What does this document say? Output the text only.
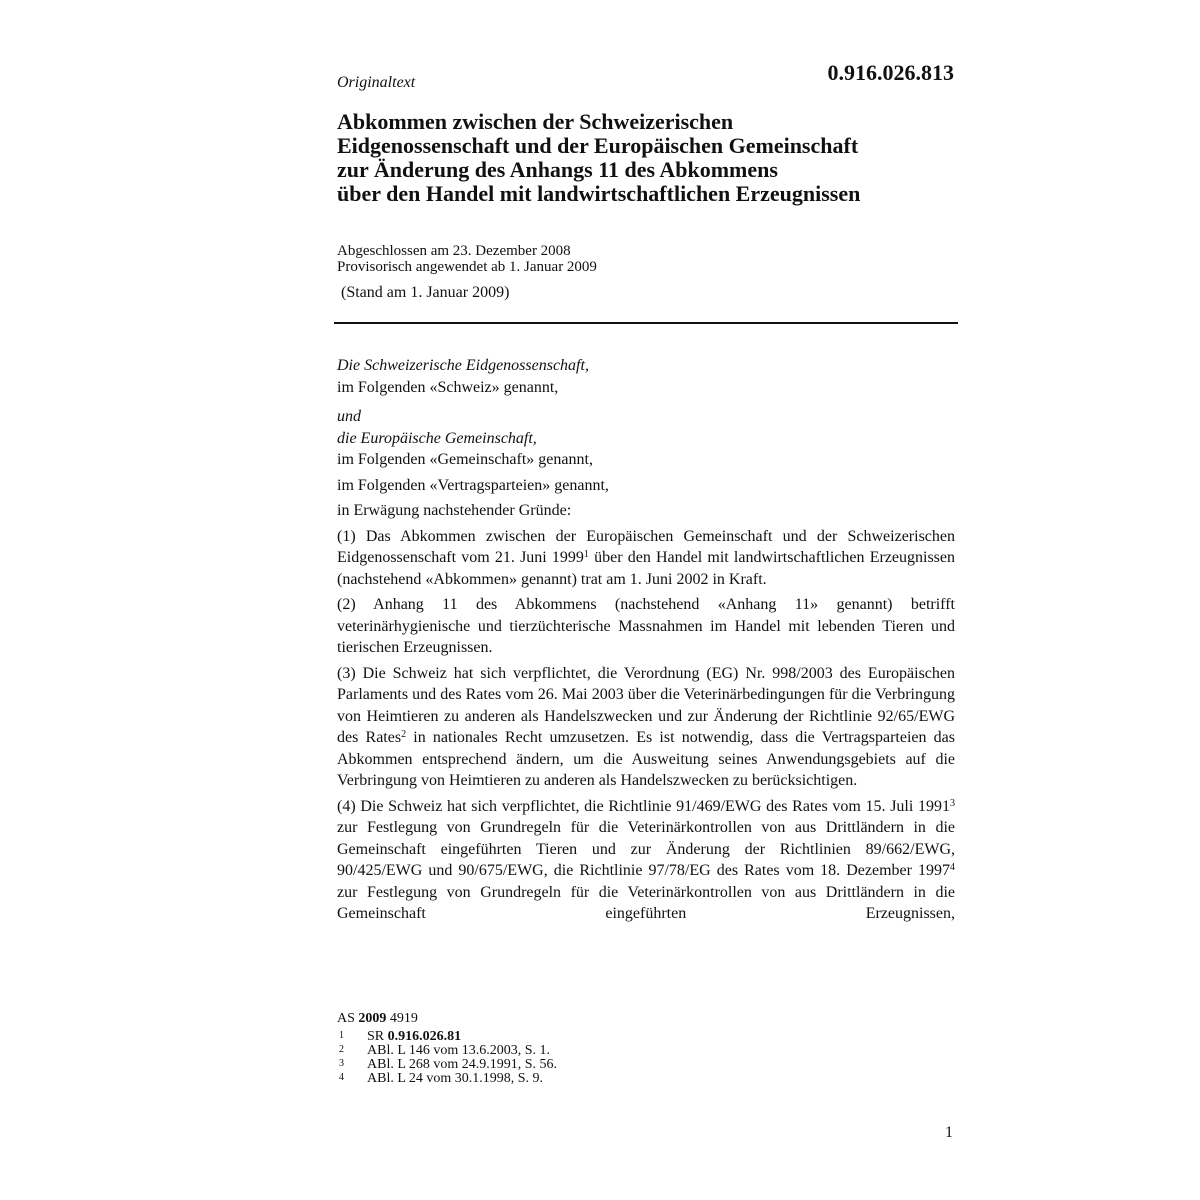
Originaltext	0.916.026.813
Abkommen zwischen der Schweizerischen
Eidgenossenschaft und der Europäischen Gemeinschaft
zur Änderung des Anhangs 11 des Abkommens
über den Handel mit landwirtschaftlichen Erzeugnissen
Abgeschlossen am 23. Dezember 2008
Provisorisch angewendet ab 1. Januar 2009
(Stand am 1. Januar 2009)

Die Schweizerische Eidgenossenschaft,
im Folgenden «Schweiz» genannt,

und
die Europäische Gemeinschaft,
im Folgenden «Gemeinschaft» genannt,

im Folgenden «Vertragsparteien» genannt,

in Erwägung nachstehender Gründe:

(1) Das Abkommen zwischen der Europäischen Gemeinschaft und der Schweizerischen Eidgenossenschaft vom 21. Juni 1999$^1$ über den Handel mit landwirtschaftlichen Erzeugnissen (nachstehend «Abkommen» genannt) trat am 1. Juni 2002 in Kraft.

(2) Anhang 11 des Abkommens (nachstehend «Anhang 11» genannt) betrifft veterinärhygienische und tierzüchterische Massnahmen im Handel mit lebenden Tieren und tierischen Erzeugnissen.

(3) Die Schweiz hat sich verpflichtet, die Verordnung (EG) Nr. 998/2003 des Europäischen Parlaments und des Rates vom 26. Mai 2003 über die Veterinärbedingungen für die Verbringung von Heimtieren zu anderen als Handelszwecken und zur Änderung der Richtlinie 92/65/EWG des Rates$^2$ in nationales Recht umzusetzen. Es ist notwendig, dass die Vertragsparteien das Abkommen entsprechend ändern, um die Ausweitung seines Anwendungsgebiets auf die Verbringung von Heimtieren zu anderen als Handelszwecken zu berücksichtigen.

(4) Die Schweiz hat sich verpflichtet, die Richtlinie 91/469/EWG des Rates vom 15. Juli 1991$^3$ zur Festlegung von Grundregeln für die Veterinärkontrollen von aus Drittländern in die Gemeinschaft eingeführten Tieren und zur Änderung der Richtlinien 89/662/EWG, 90/425/EWG und 90/675/EWG, die Richtlinie 97/78/EG des Rates vom 18. Dezember 1997$^4$ zur Festlegung von Grundregeln für die Veterinärkontrollen von aus Drittländern in die Gemeinschaft eingeführten Erzeugnissen,

AS 2009 4919
1	SR 0.916.026.81
2	ABl. L 146 vom 13.6.2003, S. 1.
3	ABl. L 268 vom 24.9.1991, S. 56.
4	ABl. L 24 vom 30.1.1998, S. 9.
1
